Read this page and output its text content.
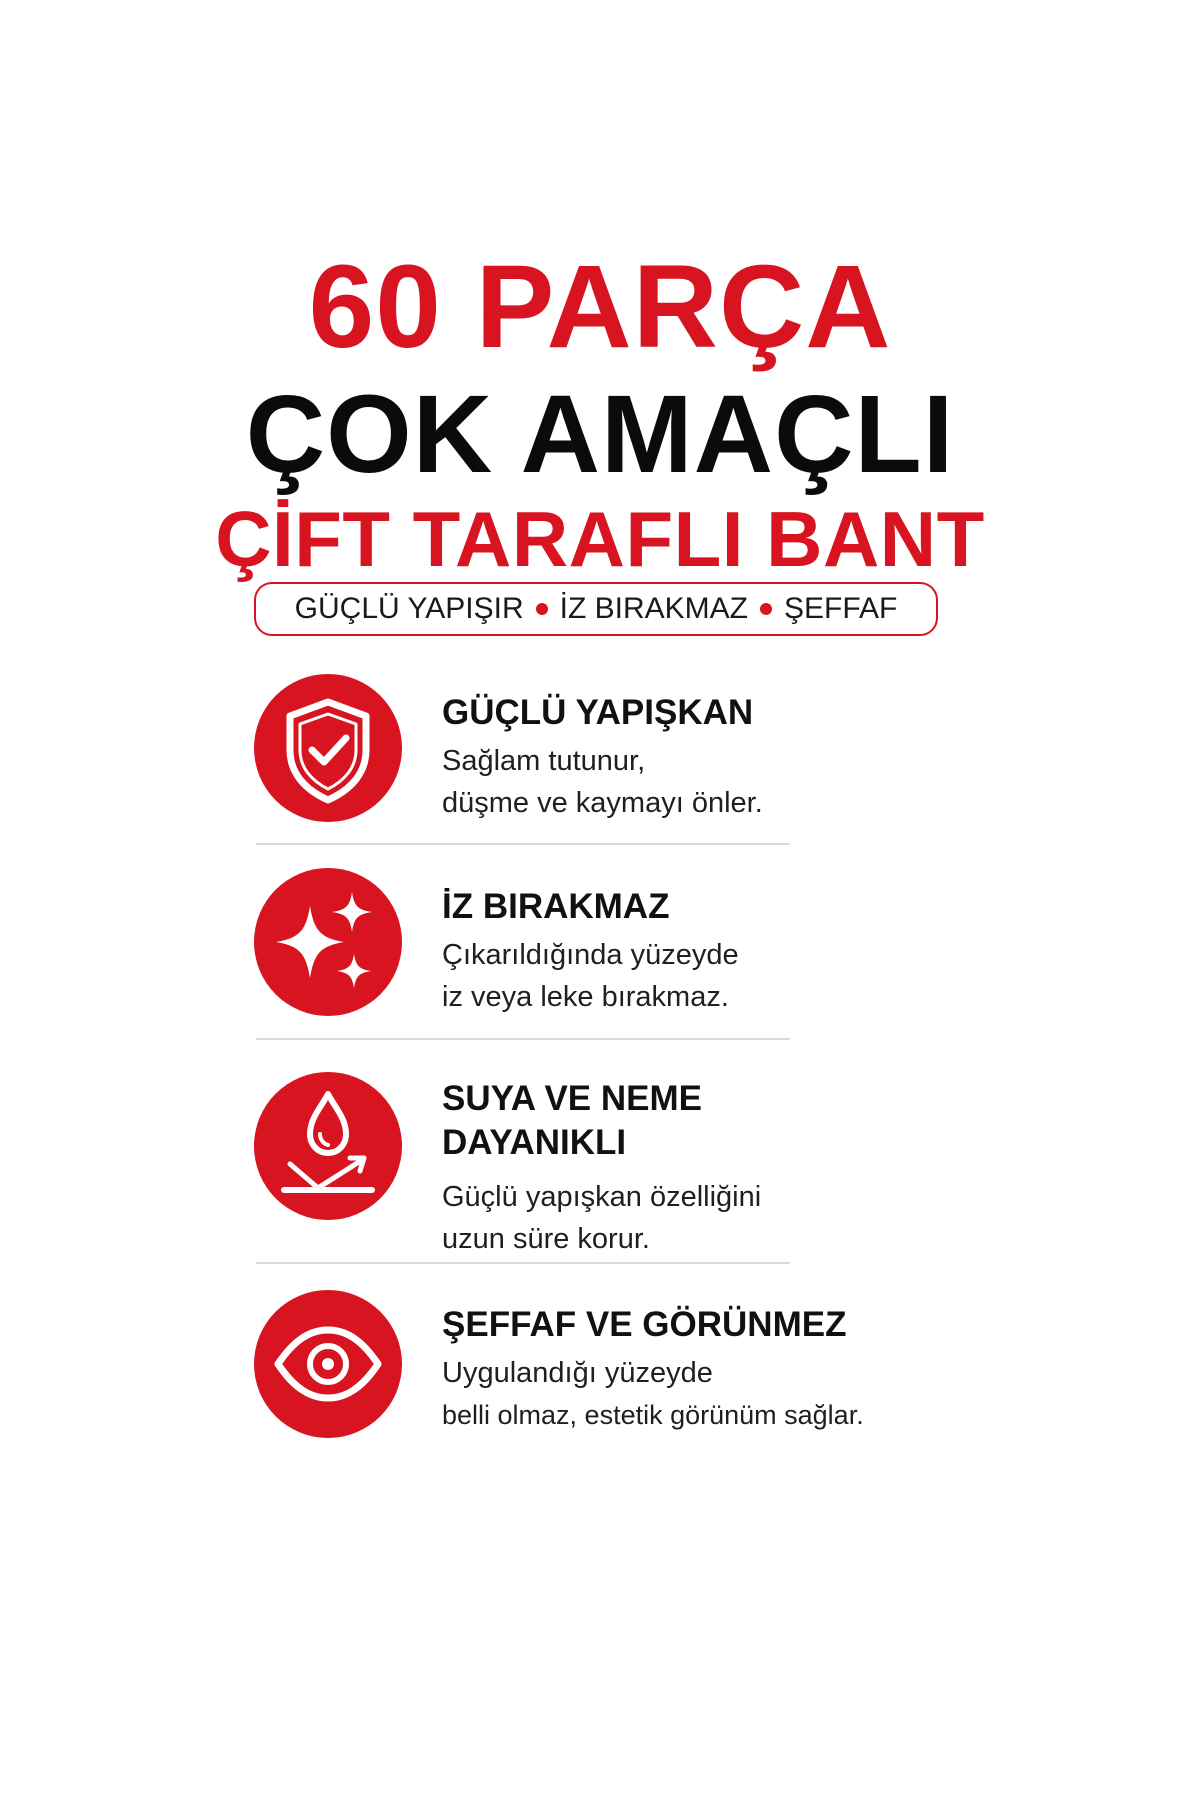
60 PARÇA
ÇOK AMAÇLI
ÇİFT TARAFLI BANT
GÜÇLÜ YAPIŞIR İZ BIRAKMAZ ŞEFFAF

GÜÇLÜ YAPIŞKAN

Sağlam tutunur,

düşme ve kaymayı önler.

İZ BIRAKMAZ

Çıkarıldığında yüzeyde

iz veya leke bırakmaz.

SUYA VE NEME

DAYANIKLI

Güçlü yapışkan özelliğini

uzun süre korur.

ŞEFFAF VE GÖRÜNMEZ

Uygulandığı yüzeyde

belli olmaz, estetik görünüm sağlar.
